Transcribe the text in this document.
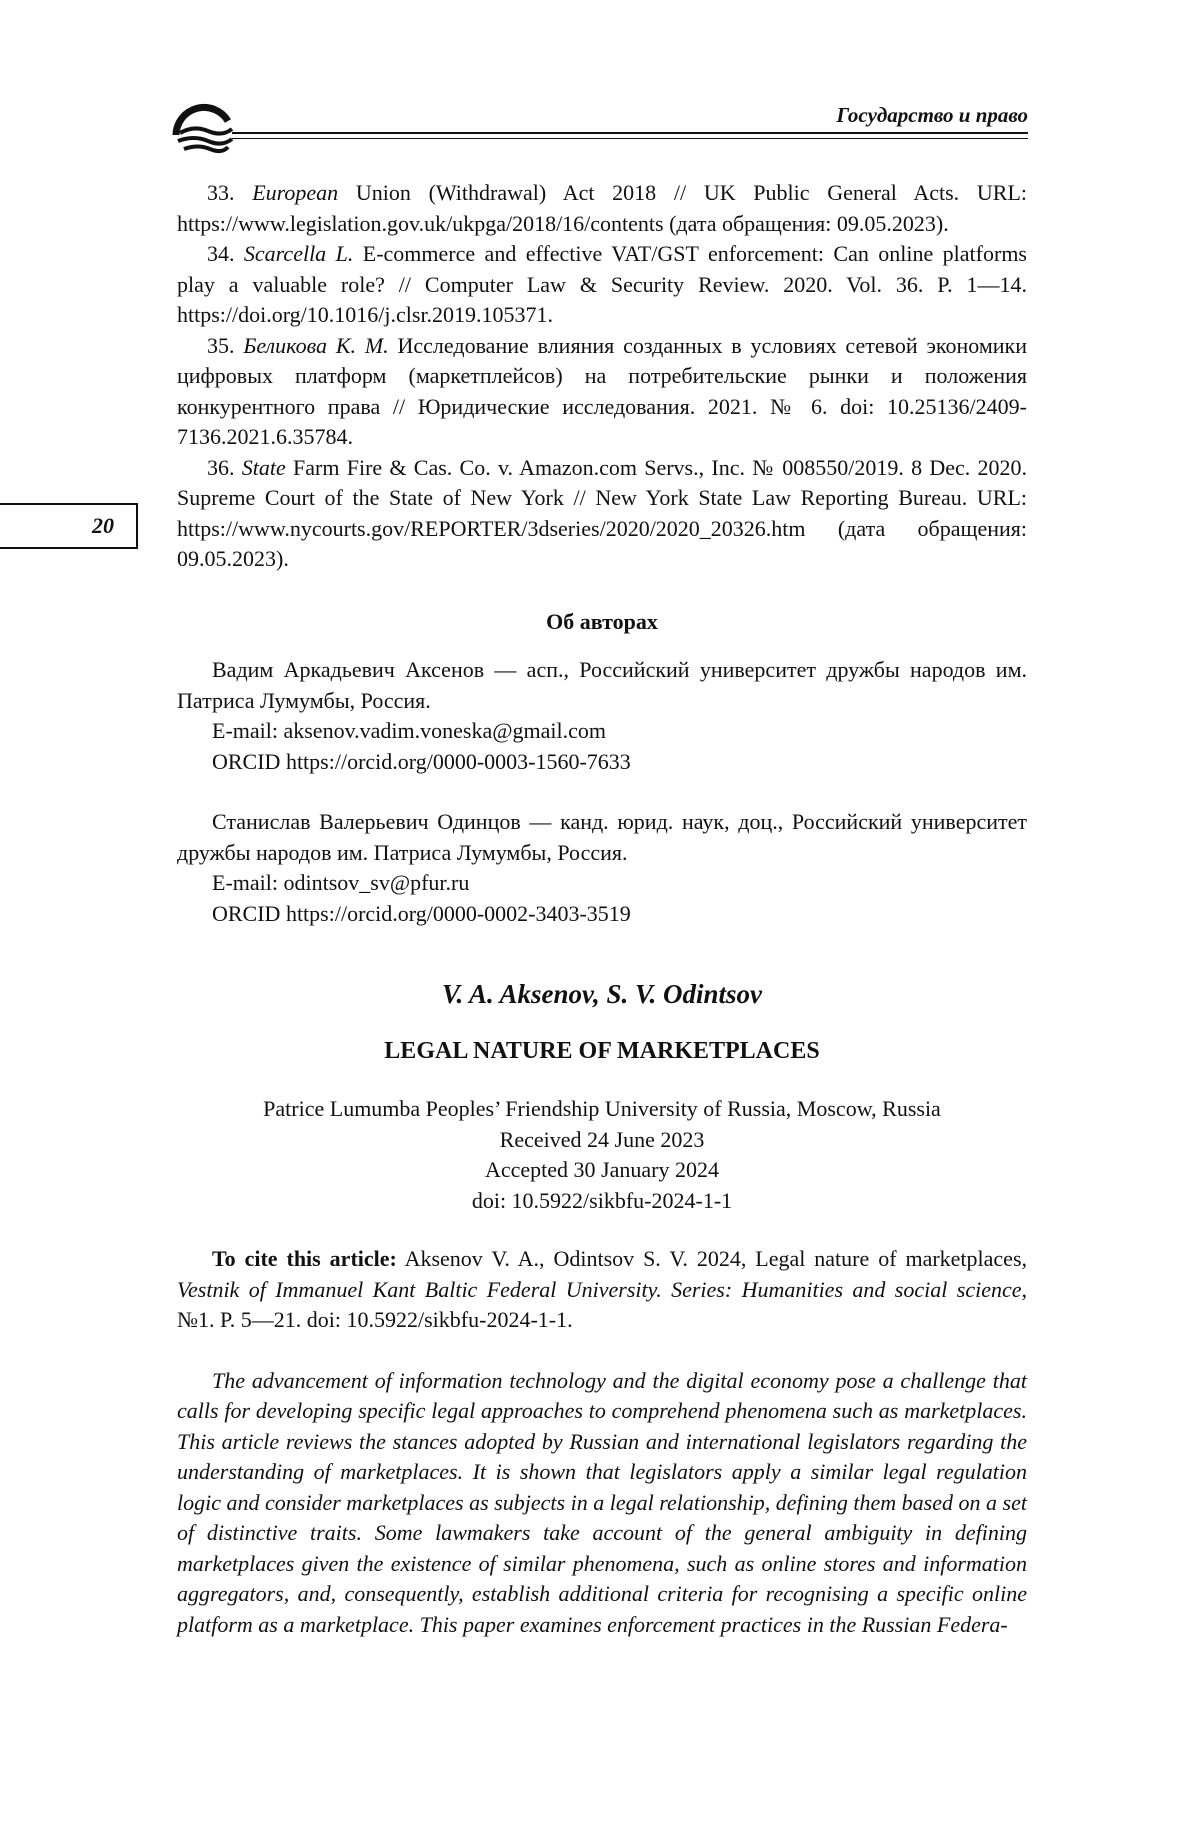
Государство и право
20

33. European Union (Withdrawal) Act 2018 // UK Public General Acts. URL: https://www.legislation.gov.uk/ukpga/2018/16/contents (дата обращения: 09.05.2023).

34. Scarcella L. E-commerce and effective VAT/GST enforcement: Can online platforms play a valuable role? // Computer Law & Security Review. 2020. Vol. 36. P. 1—14. https://doi.org/10.1016/j.clsr.2019.105371.

35. Беликова К. М. Исследование влияния созданных в условиях сетевой экономики цифровых платформ (маркетплейсов) на потребительские рынки и положения конкурентного права // Юридические исследования. 2021. № 6. doi: 10.25136/2409-7136.2021.6.35784.

36. State Farm Fire & Cas. Co. v. Amazon.com Servs., Inc. № 008550/2019. 8 Dec. 2020. Supreme Court of the State of New York // New York State Law Reporting Bureau. URL: https://www.nycourts.gov/REPORTER/3dseries/2020/2020_20326.htm (дата обращения: 09.05.2023).

Об авторах

Вадим Аркадьевич Аксенов — асп., Российский университет дружбы народов им. Патриса Лумумбы, Россия.

E-mail: aksenov.vadim.voneska@gmail.com

ORCID https://orcid.org/0000-0003-1560-7633

Станислав Валерьевич Одинцов — канд. юрид. наук, доц., Российский университет дружбы народов им. Патриса Лумумбы, Россия.

E-mail: odintsov_sv@pfur.ru

ORCID https://orcid.org/0000-0002-3403-3519

V. A. Aksenov, S. V. Odintsov
LEGAL NATURE OF MARKETPLACES

Patrice Lumumba Peoples’ Friendship University of Russia, Moscow, Russia

Received 24 June 2023

Accepted 30 January 2024

doi: 10.5922/sikbfu-2024-1-1

To cite this article: Aksenov V. A., Odintsov S. V. 2024, Legal nature of marketplaces, Vestnik of Immanuel Kant Baltic Federal University. Series: Humanities and social science, №1. P. 5—21. doi: 10.5922/sikbfu-2024-1-1.

The advancement of information technology and the digital economy pose a challenge that calls for developing specific legal approaches to comprehend phenomena such as marketplaces. This article reviews the stances adopted by Russian and international legislators regarding the understanding of marketplaces. It is shown that legislators apply a similar legal regulation logic and consider marketplaces as subjects in a legal relationship, defining them based on a set of distinctive traits. Some lawmakers take account of the general ambiguity in defining marketplaces given the existence of similar phenomena, such as online stores and information aggregators, and, consequently, establish additional criteria for recognising a specific online platform as a marketplace. This paper examines enforcement practices in the Russian Federa-
